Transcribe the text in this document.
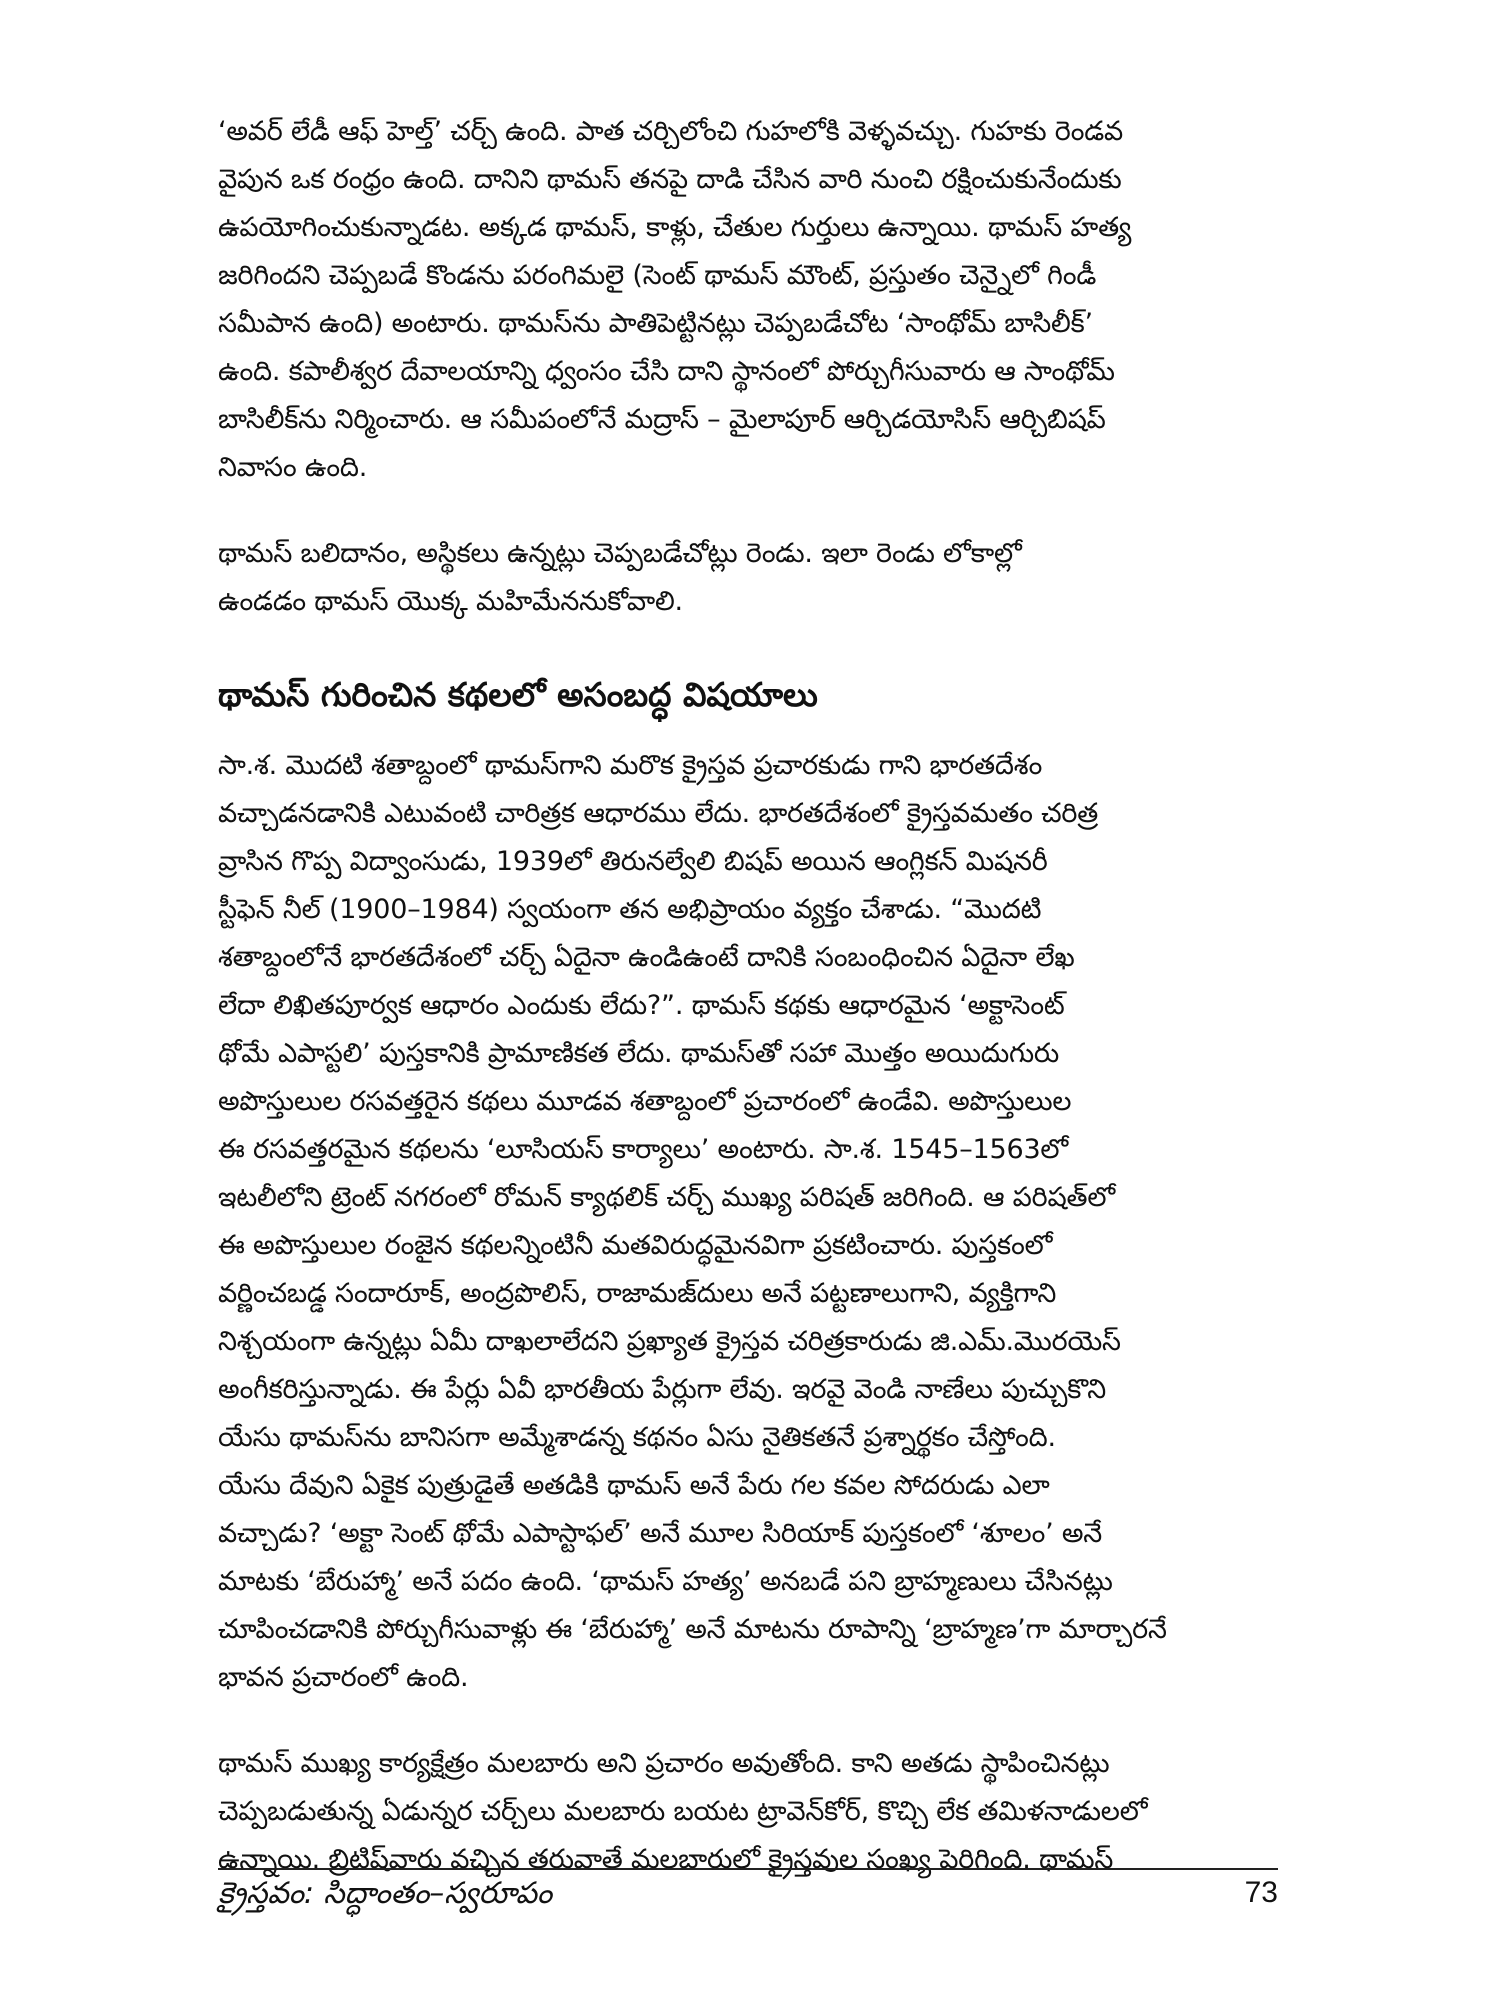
‘అవర్ లేడీ ఆఫ్ హెల్త్’ చర్చ్ ఉంది. పాత చర్చిలోంచి గుహలోకి వెళ్ళవచ్చు. గుహకు రెండవ
వైపున ఒక రంధ్రం ఉంది. దానిని థామస్ తనపై దాడి చేసిన వారి నుంచి రక్షించుకునేందుకు
ఉపయోగించుకున్నాడట. అక్కడ థామస్, కాళ్లు, చేతుల గుర్తులు ఉన్నాయి. థామస్ హత్య
జరిగిందని చెప్పబడే కొండను పరంగిమలై (సెంట్ థామస్ మౌంట్, ప్రస్తుతం చెన్నైలో గిండీ
సమీపాన ఉంది) అంటారు. థామస్‌ను పాతిపెట్టినట్లు చెప్పబడేచోట ‘సాంథోమ్ బాసిలీక్’
ఉంది. కపాలీశ్వర దేవాలయాన్ని ధ్వంసం చేసి దాని స్థానంలో పోర్చుగీసువారు ఆ సాంథోమ్
బాసిలీక్‌ను నిర్మించారు. ఆ సమీపంలోనే మద్రాస్ – మైలాపూర్ ఆర్చిడయోసిస్ ఆర్చిబిషప్
నివాసం ఉంది.
థామస్ బలిదానం, అస్థికలు ఉన్నట్లు చెప్పబడేచోట్లు రెండు. ఇలా రెండు లోకాల్లో
ఉండడం థామస్ యొక్క మహిమేననుకోవాలి.
థామస్ గురించిన కథలలో అసంబద్ధ విషయాలు
సా.శ. మొదటి శతాబ్దంలో థామస్‌గాని మరొక క్రైస్తవ ప్రచారకుడు గాని భారతదేశం
వచ్చాడనడానికి ఎటువంటి చారిత్రక ఆధారము లేదు. భారతదేశంలో క్రైస్తవమతం చరిత్ర
వ్రాసిన గొప్ప విద్వాంసుడు, 1939లో తిరునల్వేలి బిషప్ అయిన ఆంగ్లికన్ మిషనరీ
స్టీఫెన్ నీల్ (1900–1984) స్వయంగా తన అభిప్రాయం వ్యక్తం చేశాడు. “మొదటి
శతాబ్దంలోనే భారతదేశంలో చర్చ్ ఏదైనా ఉండిఉంటే దానికి సంబంధించిన ఏదైనా లేఖ
లేదా లిఖితపూర్వక ఆధారం ఎందుకు లేదు?”. థామస్ కథకు ఆధారమైన ‘అక్టాసెంట్
థోమే ఎపాస్టలి’ పుస్తకానికి ప్రామాణికత లేదు. థామస్‌తో సహా మొత్తం అయిదుగురు
అపొస్తులుల రసవత్తరైన కథలు మూడవ శతాబ్దంలో ప్రచారంలో ఉండేవి. అపొస్తులుల
ఈ రసవత్తరమైన కథలను ‘లూసియస్ కార్యాలు’ అంటారు. సా.శ. 1545–1563లో
ఇటలీలోని ట్రెంట్ నగరంలో రోమన్ క్యాథలిక్ చర్చ్ ముఖ్య పరిషత్ జరిగింది. ఆ పరిషత్‌లో
ఈ అపొస్తులుల రంజైన కథలన్నింటినీ మతవిరుద్ధమైనవిగా ప్రకటించారు. పుస్తకంలో
వర్ణించబడ్డ సందారూక్, అంద్రపొలిస్, రాజామజ్‌దులు అనే పట్టణాలుగాని, వ్యక్తిగాని
నిశ్చయంగా ఉన్నట్లు ఏమీ దాఖలాలేదని ప్రఖ్యాత క్రైస్తవ చరిత్రకారుడు జి.ఎమ్.మొరయెస్
అంగీకరిస్తున్నాడు. ఈ పేర్లు ఏవీ భారతీయ పేర్లుగా లేవు. ఇరవై వెండి నాణేలు పుచ్చుకొని
యేసు థామస్‌ను బానిసగా అమ్మేశాడన్న కథనం ఏసు నైతికతనే ప్రశ్నార్థకం చేస్తోంది.
యేసు దేవుని ఏకైక పుత్రుడైతే అతడికి థామస్ అనే పేరు గల కవల సోదరుడు ఎలా
వచ్చాడు? ‘అక్టా సెంట్ థోమే ఎపాస్టాఫల్’ అనే మూల సిరియాక్ పుస్తకంలో ‘శూలం’ అనే
మాటకు ‘బేరుహ్మా’ అనే పదం ఉంది. ‘థామస్ హత్య’ అనబడే పని బ్రాహ్మణులు చేసినట్లు
చూపించడానికి పోర్చుగీసువాళ్లు ఈ ‘బేరుహ్మా’ అనే మాటను రూపాన్ని ‘బ్రాహ్మణ’గా మార్చారనే
భావన ప్రచారంలో ఉంది.
థామస్ ముఖ్య కార్యక్షేత్రం మలబారు అని ప్రచారం అవుతోంది. కాని అతడు స్థాపించినట్లు
చెప్పబడుతున్న ఏడున్నర చర్చ్‌లు మలబారు బయట ట్రావెన్‌కోర్, కొచ్చి లేక తమిళనాడులలో
ఉన్నాయి. బ్రిటిష్‌వారు వచ్చిన తరువాతే మలబారులో క్రైస్తవుల సంఖ్య పెరిగింది. థామస్
క్రైస్తవం: సిద్ధాంతం–స్వరూపం	73
